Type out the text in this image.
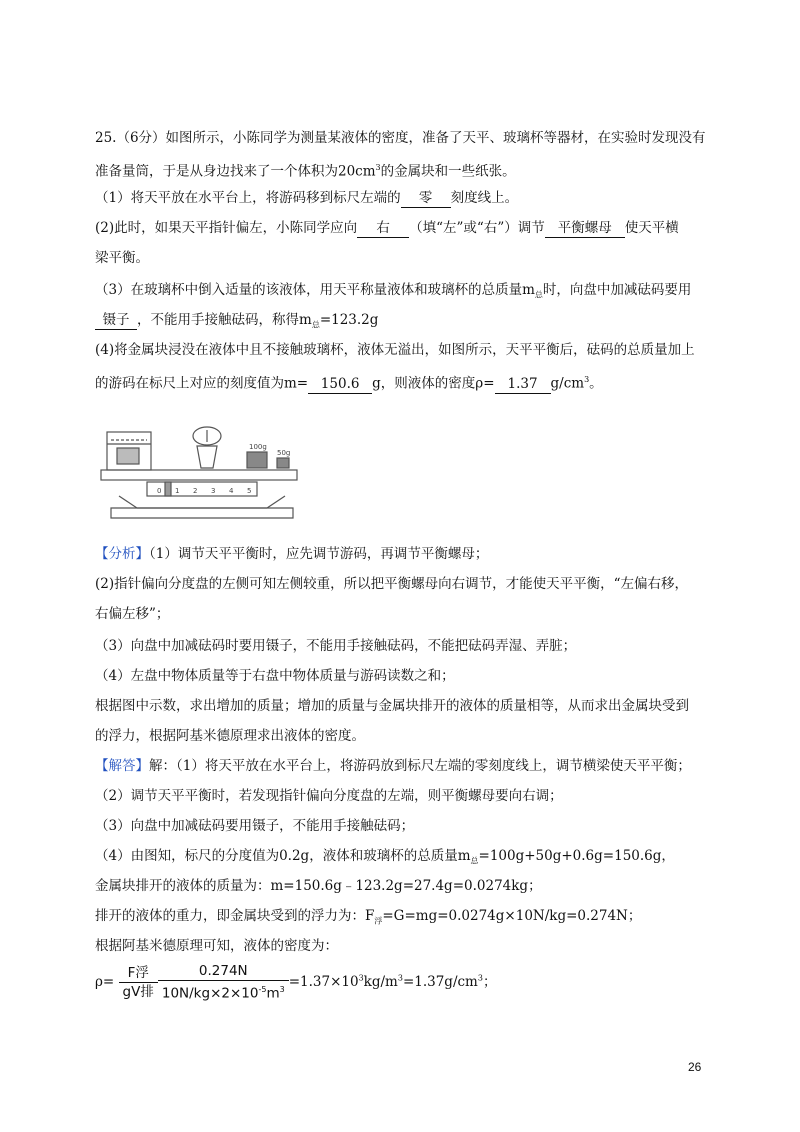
25.（6分）如图所示，小陈同学为测量某液体的密度，准备了天平、玻璃杯等器材，在实验时发现没有
准备量筒，于是从身边找来了一个体积为$20cm^3$的金属块和一些纸张。
（1）将天平放在水平台上，将游码移到标尺左端的 零 刻度线上。
(2)此时，如果天平指针偏左，小陈同学应向 右 （填“左”或“右”）调节 平衡螺母 使天平横
梁平衡。
（3）在玻璃杯中倒入适量的该液体，用天平称量液体和玻璃杯的总质量$m_总$时，向盘中加减砝码要用
镊子 ，不能用手接触砝码，称得$m_总=123.2g$
(4)将金属块浸没在液体中且不接触玻璃杯，液体无溢出，如图所示，天平平衡后，砝码的总质量加上
的游码在标尺上对应的刻度值为m= 150.6 g，则液体的密度ρ= 1.37 $g/cm^3$。
100g
50g
0 1 2 3 4 5
【分析】（1）调节天平平衡时，应先调节游码，再调节平衡螺母；
(2)指针偏向分度盘的左侧可知左侧较重，所以把平衡螺母向右调节，才能使天平平衡，“左偏右移，
右偏左移”；
（3）向盘中加减砝码时要用镊子，不能用手接触砝码，不能把砝码弄湿、弄脏；
（4）左盘中物体质量等于右盘中物体质量与游码读数之和；
根据图中示数，求出增加的质量；增加的质量与金属块排开的液体的质量相等，从而求出金属块受到
的浮力，根据阿基米德原理求出液体的密度。
【解答】解：（1）将天平放在水平台上，将游码放到标尺左端的零刻度线上，调节横梁使天平平衡；
（2）调节天平平衡时，若发现指针偏向分度盘的左端，则平衡螺母要向右调；
（3）向盘中加减砝码要用镊子，不能用手接触砝码；
（4）由图知，标尺的分度值为0.2g，液体和玻璃杯的总质量$m_总=100g+50g+0.6g=150.6g$，
金属块排开的液体的质量为：m=150.6g﹣123.2g=27.4g=0.0274kg；
排开的液体的重力，即金属块受到的浮力为：$F_浮=G=mg=0.0274g\times 10N/kg=0.274N$；
根据阿基米德原理可知，液体的密度为：
$\rho= \frac{\text{F浮}}{\text{gV排}} \frac{0.274N}{10N/kg\times 2\times 10^{-5}m^3} =1.37\times 10^3kg/m^3=1.37g/cm^3$；
26
